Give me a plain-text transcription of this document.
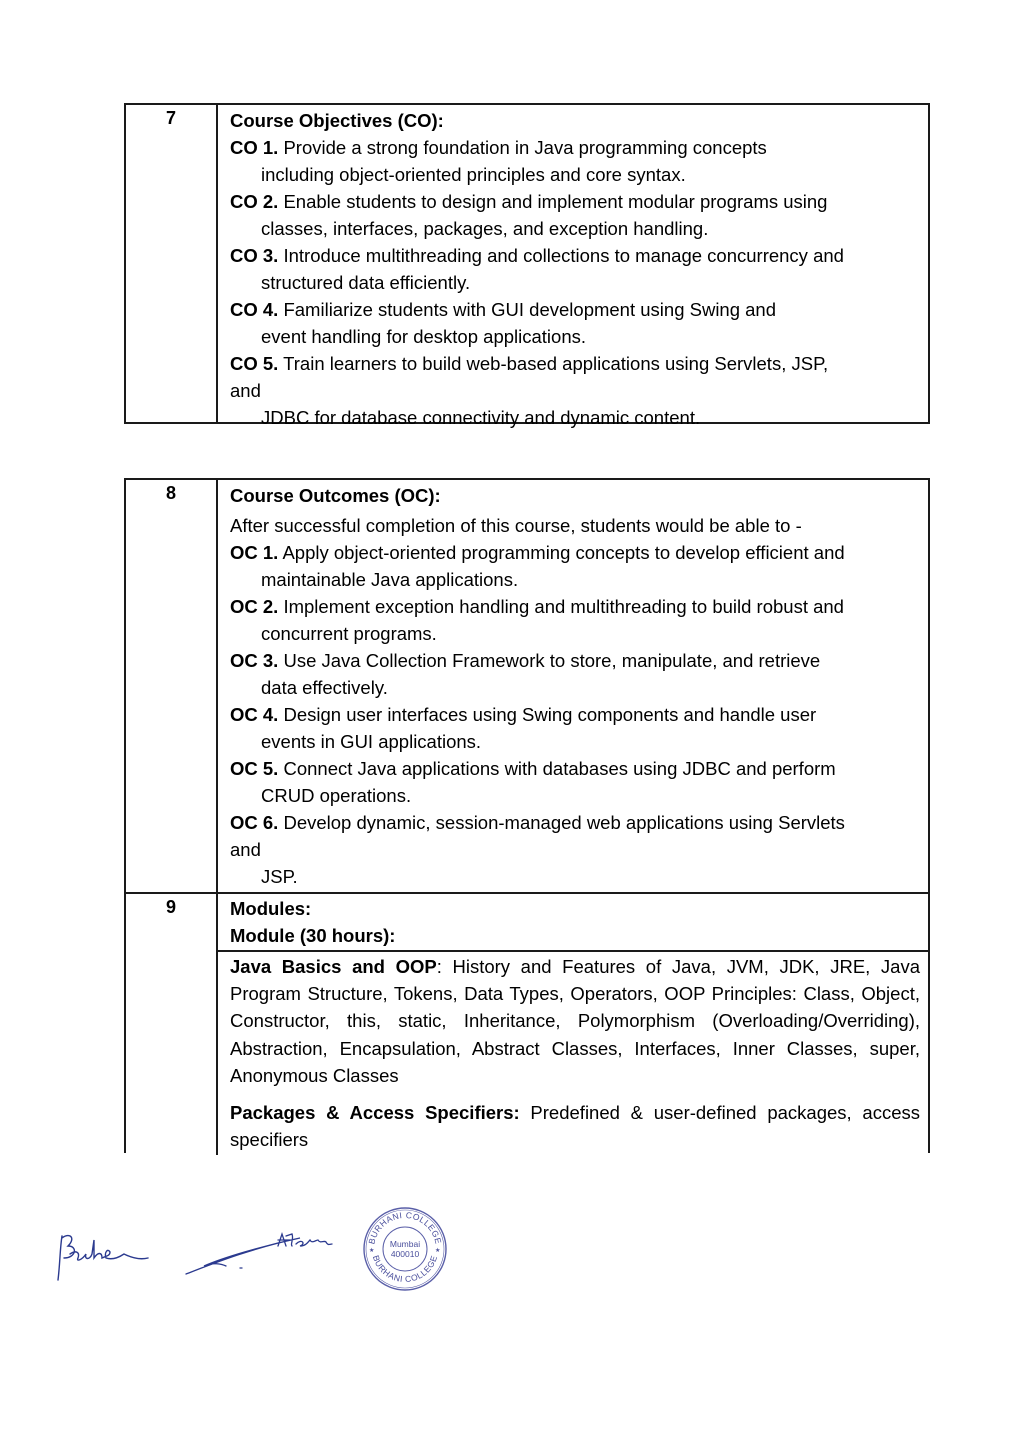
7	Course Objectives (CO):
CO 1. Provide a strong foundation in Java programming concepts
including object-oriented principles and core syntax.
CO 2. Enable students to design and implement modular programs using
classes, interfaces, packages, and exception handling.
CO 3. Introduce multithreading and collections to manage concurrency and
structured data efficiently.
CO 4. Familiarize students with GUI development using Swing and
event handling for desktop applications.
CO 5. Train learners to build web-based applications using Servlets, JSP,
and
JDBC for database connectivity and dynamic content.
8	Course Outcomes (OC):
After successful completion of this course, students would be able to -
OC 1. Apply object-oriented programming concepts to develop efficient and
maintainable Java applications.
OC 2. Implement exception handling and multithreading to build robust and
concurrent programs.
OC 3. Use Java Collection Framework to store, manipulate, and retrieve
data effectively.
OC 4. Design user interfaces using Swing components and handle user
events in GUI applications.
OC 5. Connect Java applications with databases using JDBC and perform
CRUD operations.
OC 6. Develop dynamic, session-managed web applications using Servlets
and
JSP.
9	Modules:
Module (30 hours):
Java Basics and OOP: History and Features of Java, JVM, JDK, JRE, Java Program Structure, Tokens, Data Types, Operators, OOP Principles: Class, Object, Constructor, this, static, Inheritance, Polymorphism (Overloading/Overriding), Abstraction, Encapsulation, Abstract Classes, Interfaces, Inner Classes, super, Anonymous Classes
Packages & Access Specifiers: Predefined & user-defined packages, access specifiers
BURHANI COLLEGE
BURHANI COLLEGE
★	★
Mumbai
400010
